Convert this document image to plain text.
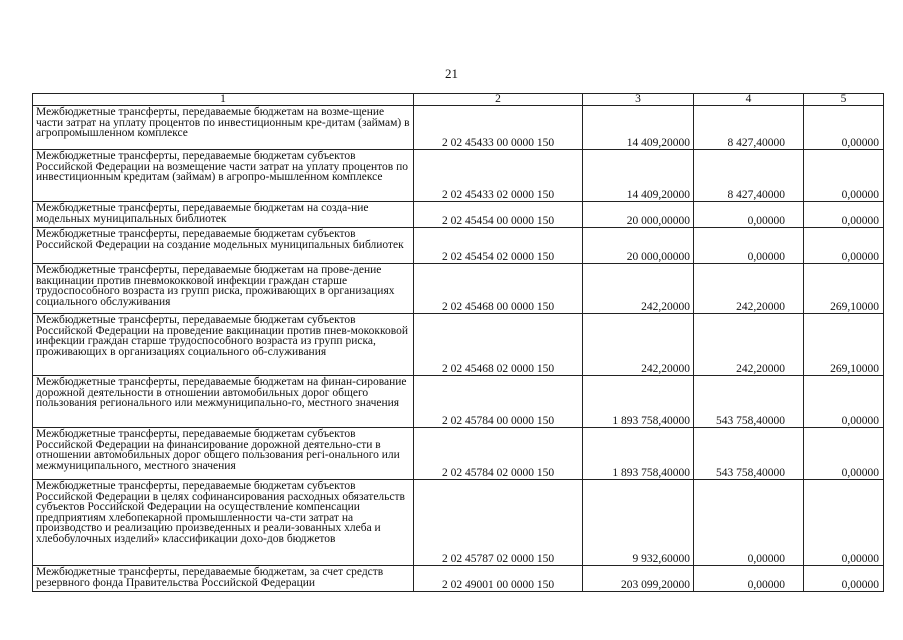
21
1	2	3	4	5
Межбюджетные трансферты, передаваемые бюджетам на возме-щение части затрат на уплату процентов по инвестиционным кре-дитам (займам) в агропромышленном комплексе	2 02 45433 00 0000 150	14 409,20000	8 427,40000	0,00000
Межбюджетные трансферты, передаваемые бюджетам субъектов Российской Федерации на возмещение части затрат на уплату процентов по инвестиционным кредитам (займам) в агропро-мышленном комплексе	2 02 45433 02 0000 150	14 409,20000	8 427,40000	0,00000
Межбюджетные трансферты, передаваемые бюджетам на созда-ние модельных муниципальных библиотек	2 02 45454 00 0000 150	20 000,00000	0,00000	0,00000
Межбюджетные трансферты, передаваемые бюджетам субъектов Российской Федерации на создание модельных муниципальных библиотек	2 02 45454 02 0000 150	20 000,00000	0,00000	0,00000
Межбюджетные трансферты, передаваемые бюджетам на прове-дение вакцинации против пневмококковой инфекции граждан старше трудоспособного возраста из групп риска, проживающих в организациях социального обслуживания	2 02 45468 00 0000 150	242,20000	242,20000	269,10000
Межбюджетные трансферты, передаваемые бюджетам субъектов Российской Федерации на проведение вакцинации против пнев-мококковой инфекции граждан старше трудоспособного возраста из групп риска, проживающих в организациях социального об-служивания	2 02 45468 02 0000 150	242,20000	242,20000	269,10000
Межбюджетные трансферты, передаваемые бюджетам на финан-сирование дорожной деятельности в отношении автомобильных дорог общего пользования регионального или межмуниципально-го, местного значения	2 02 45784 00 0000 150	1 893 758,40000	543 758,40000	0,00000
Межбюджетные трансферты, передаваемые бюджетам субъектов Российской Федерации на финансирование дорожной деятельно-сти в отношении автомобильных дорог общего пользования регі-онального или межмуниципального, местного значения	2 02 45784 02 0000 150	1 893 758,40000	543 758,40000	0,00000
Межбюджетные трансферты, передаваемые бюджетам субъектов Российской Федерации в целях софинансирования расходных обязательств субъектов Российской Федерации на осуществление компенсации предприятиям хлебопекарной промышленности ча-сти затрат на производство и реализацию произведенных и реали-зованных хлеба и хлебобулочных изделий» классификации дохо-дов бюджетов	2 02 45787 02 0000 150	9 932,60000	0,00000	0,00000
Межбюджетные трансферты, передаваемые бюджетам, за счет средств резервного фонда Правительства Российской Федерации	2 02 49001 00 0000 150	203 099,20000	0,00000	0,00000
